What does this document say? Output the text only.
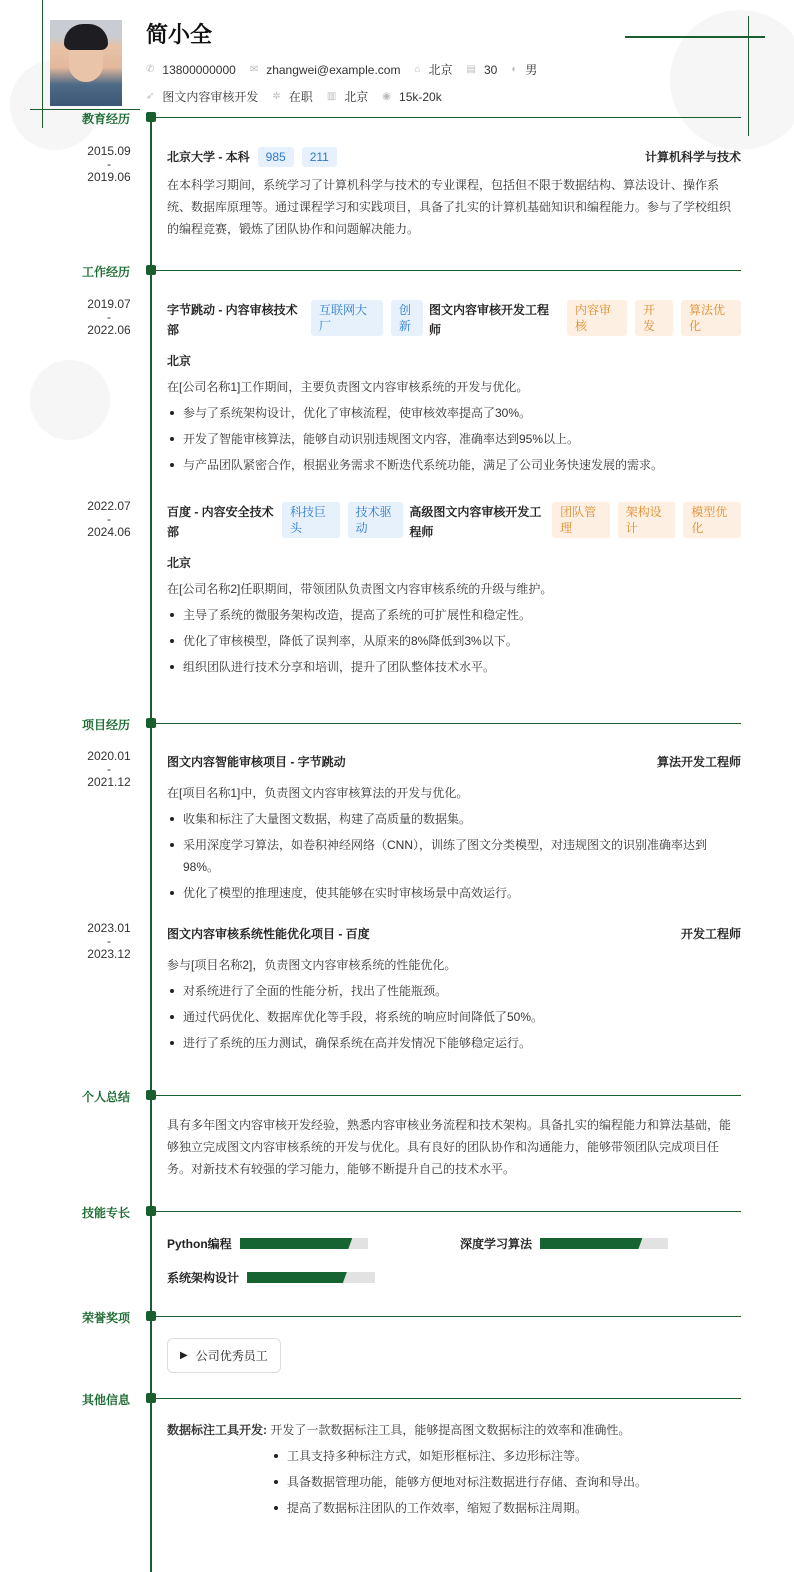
简小全
✆ 13800000000 ✉ zhangwei@example.com ⌂ 北京 ▤ 30 ◐ 男
➶ 图文内容审核开发 ✲ 在职 ▥ 北京 ◉ 15k-20k
教育经历
2015.09
-
2019.06
北京大学 - 本科	985	211	计算机科学与技术

在本科学习期间，系统学习了计算机科学与技术的专业课程，包括但不限于数据结构、算法设计、操作系统、数据库原理等。通过课程学习和实践项目，具备了扎实的计算机基础知识和编程能力。参与了学校组织的编程竞赛，锻炼了团队协作和问题解决能力。

工作经历
2019.07
-
2022.06
字节跳动 - 内容审核技术部
互联网大厂
创新
图文内容审核开发工程师
内容审核
开发
算法优化
北京

在[公司名称1]工作期间，主要负责图文内容审核系统的开发与优化。

参与了系统架构设计，优化了审核流程，使审核效率提高了30%。
开发了智能审核算法，能够自动识别违规图文内容，准确率达到95%以上。
与产品团队紧密合作，根据业务需求不断迭代系统功能，满足了公司业务快速发展的需求。
2022.07
-
2024.06
百度 - 内容安全技术部
科技巨头
技术驱动
高级图文内容审核开发工程师
团队管理
架构设计
模型优化
北京

在[公司名称2]任职期间，带领团队负责图文内容审核系统的升级与维护。

主导了系统的微服务架构改造，提高了系统的可扩展性和稳定性。
优化了审核模型，降低了误判率，从原来的8%降低到3%以下。
组织团队进行技术分享和培训，提升了团队整体技术水平。
项目经历
2020.01
-
2021.12
图文内容智能审核项目 - 字节跳动	算法开发工程师

在[项目名称1]中，负责图文内容审核算法的开发与优化。

收集和标注了大量图文数据，构建了高质量的数据集。
采用深度学习算法，如卷积神经网络（CNN），训练了图文分类模型，对违规图文的识别准确率达到98%。
优化了模型的推理速度，使其能够在实时审核场景中高效运行。
2023.01
-
2023.12
图文内容审核系统性能优化项目 - 百度	开发工程师

参与[项目名称2]，负责图文内容审核系统的性能优化。

对系统进行了全面的性能分析，找出了性能瓶颈。
通过代码优化、数据库优化等手段，将系统的响应时间降低了50%。
进行了系统的压力测试，确保系统在高并发情况下能够稳定运行。
个人总结

具有多年图文内容审核开发经验，熟悉内容审核业务流程和技术架构。具备扎实的编程能力和算法基础，能够独立完成图文内容审核系统的开发与优化。具有良好的团队协作和沟通能力，能够带领团队完成项目任务。对新技术有较强的学习能力，能够不断提升自己的技术水平。

技能专长
Python编程	深度学习算法
系统架构设计
荣誉奖项
▶ 公司优秀员工
其他信息

数据标注工具开发: 开发了一款数据标注工具，能够提高图文数据标注的效率和准确性。

工具支持多种标注方式，如矩形框标注、多边形标注等。
具备数据管理功能，能够方便地对标注数据进行存储、查询和导出。
提高了数据标注团队的工作效率，缩短了数据标注周期。
